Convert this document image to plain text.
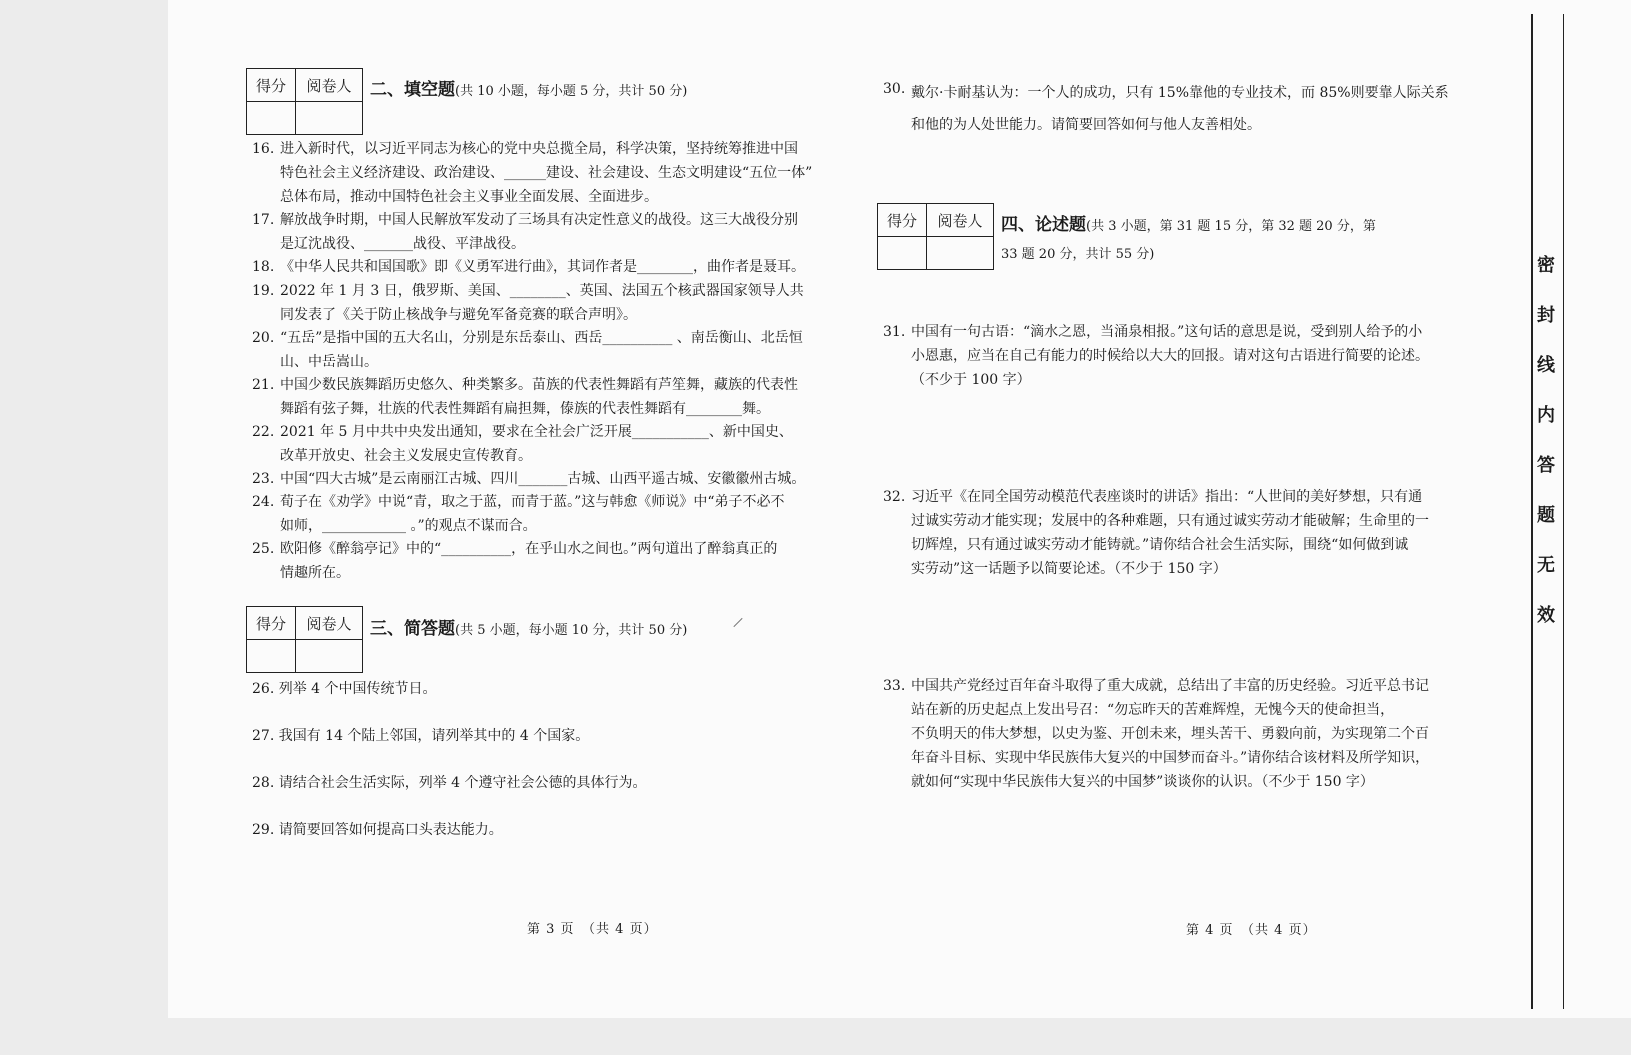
得分	阅卷人
	二、填空题(共 10 小题，每小题 5 分，共计 50 分)
16. 进入新时代，以习近平同志为核心的党中央总揽全局，科学决策，坚持统筹推进中国
特色社会主义经济建设、政治建设、______建设、社会建设、生态文明建设“五位一体”
总体布局，推动中国特色社会主义事业全面发展、全面进步。
17. 解放战争时期，中国人民解放军发动了三场具有决定性意义的战役。这三大战役分别
是辽沈战役、_______战役、平津战役。
18. 《中华人民共和国国歌》即《义勇军进行曲》，其词作者是________，曲作者是聂耳。
19. 2022 年 1 月 3 日，俄罗斯、美国、________、英国、法国五个核武器国家领导人共
同发表了《关于防止核战争与避免军备竞赛的联合声明》。
20. “五岳”是指中国的五大名山，分别是东岳泰山、西岳__________ 、南岳衡山、北岳恒
山、中岳嵩山。
21. 中国少数民族舞蹈历史悠久、种类繁多。苗族的代表性舞蹈有芦笙舞，藏族的代表性
舞蹈有弦子舞，壮族的代表性舞蹈有扁担舞，傣族的代表性舞蹈有________舞。
22. 2021 年 5 月中共中央发出通知，要求在全社会广泛开展___________、新中国史、
改革开放史、社会主义发展史宣传教育。
23. 中国“四大古城”是云南丽江古城、四川_______古城、山西平遥古城、安徽徽州古城。
24. 荀子在《劝学》中说“青，取之于蓝，而青于蓝。”这与韩愈《师说》中“弟子不必不
如师，____________ 。”的观点不谋而合。
25. 欧阳修《醉翁亭记》中的“__________，在乎山水之间也。”两句道出了醉翁真正的
情趣所在。
得分	阅卷人
	三、简答题(共 5 小题，每小题 10 分，共计 50 分)
26. 列举 4 个中国传统节日。
27. 我国有 14 个陆上邻国，请列举其中的 4 个国家。
28. 请结合社会生活实际，列举 4 个遵守社会公德的具体行为。
29. 请简要回答如何提高口头表达能力。
第 3 页　（共 4 页）
30. 戴尔·卡耐基认为：一个人的成功，只有 15%靠他的专业技术，而 85%则要靠人际关系
和他的为人处世能力。请简要回答如何与他人友善相处。
得分	阅卷人
	四、论述题(共 3 小题，第 31 题 15 分，第 32 题 20 分，第
33 题 20 分，共计 55 分)
31. 中国有一句古语：“滴水之恩，当涌泉相报。”这句话的意思是说，受到别人给予的小
小恩惠，应当在自己有能力的时候给以大大的回报。请对这句古语进行简要的论述。
（不少于 100 字）
32. 习近平《在同全国劳动模范代表座谈时的讲话》指出：“人世间的美好梦想，只有通
过诚实劳动才能实现；发展中的各种难题，只有通过诚实劳动才能破解；生命里的一
切辉煌，只有通过诚实劳动才能铸就。”请你结合社会生活实际，围绕“如何做到诚
实劳动”这一话题予以简要论述。（不少于 150 字）
33. 中国共产党经过百年奋斗取得了重大成就，总结出了丰富的历史经验。习近平总书记
站在新的历史起点上发出号召：“勿忘昨天的苦难辉煌，无愧今天的使命担当，
不负明天的伟大梦想，以史为鉴、开创未来，埋头苦干、勇毅向前，为实现第二个百
年奋斗目标、实现中华民族伟大复兴的中国梦而奋斗。”请你结合该材料及所学知识，
就如何“实现中华民族伟大复兴的中国梦”谈谈你的认识。（不少于 150 字）
第 4 页　（共 4 页）
密
封
线
内
答
题
无
效
